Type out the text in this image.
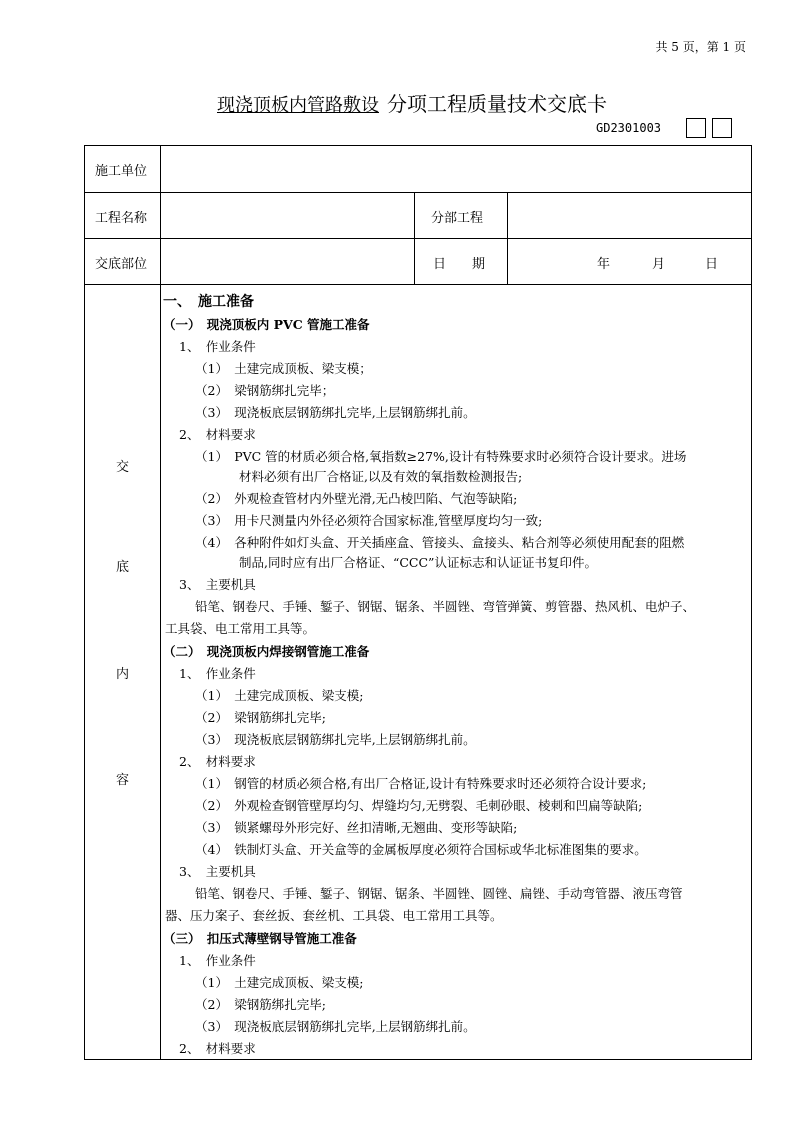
共 5 页，第 1 页
现浇顶板内管路敷设 分项工程质量技术交底卡
GD2301003
施工单位
工程名称	分部工程
交底部位	日　　期	年	月	日
交
底
内
容
一、　施工准备
（一）　现浇顶板内 PVC 管施工准备
1、　作业条件
（1）　土建完成顶板、梁支模；
（2）　梁钢筋绑扎完毕；
（3）　现浇板底层钢筋绑扎完毕,上层钢筋绑扎前。
2、　材料要求
（1）　PVC 管的材质必须合格,氧指数≥27%,设计有特殊要求时必须符合设计要求。进场
材料必须有出厂合格证,以及有效的氧指数检测报告;
（2）　外观检查管材内外壁光滑,无凸棱凹陷、气泡等缺陷;
（3）　用卡尺测量内外径必须符合国家标准,管壁厚度均匀一致;
（4）　各种附件如灯头盒、开关插座盒、管接头、盒接头、粘合剂等必须使用配套的阻燃
制品,同时应有出厂合格证、“CCC”认证标志和认证证书复印件。
3、　主要机具
铅笔、钢卷尺、手锤、錾子、钢锯、锯条、半圆锉、弯管弹簧、剪管器、热风机、电炉子、
工具袋、电工常用工具等。
（二）　现浇顶板内焊接钢管施工准备
1、　作业条件
（1）　土建完成顶板、梁支模;
（2）　梁钢筋绑扎完毕;
（3）　现浇板底层钢筋绑扎完毕,上层钢筋绑扎前。
2、　材料要求
（1）　钢管的材质必须合格,有出厂合格证,设计有特殊要求时还必须符合设计要求;
（2）　外观检查钢管壁厚均匀、焊缝均匀,无劈裂、毛刺砂眼、棱刺和凹扁等缺陷;
（3）　锁紧螺母外形完好、丝扣清晰,无翘曲、变形等缺陷;
（4）　铁制灯头盒、开关盒等的金属板厚度必须符合国标或华北标准图集的要求。
3、　主要机具
铅笔、钢卷尺、手锤、錾子、钢锯、锯条、半圆锉、圆锉、扁锉、手动弯管器、液压弯管
器、压力案子、套丝扳、套丝机、工具袋、电工常用工具等。
（三）　扣压式薄壁钢导管施工准备
1、　作业条件
（1）　土建完成顶板、梁支模;
（2）　梁钢筋绑扎完毕;
（3）　现浇板底层钢筋绑扎完毕,上层钢筋绑扎前。
2、　材料要求
